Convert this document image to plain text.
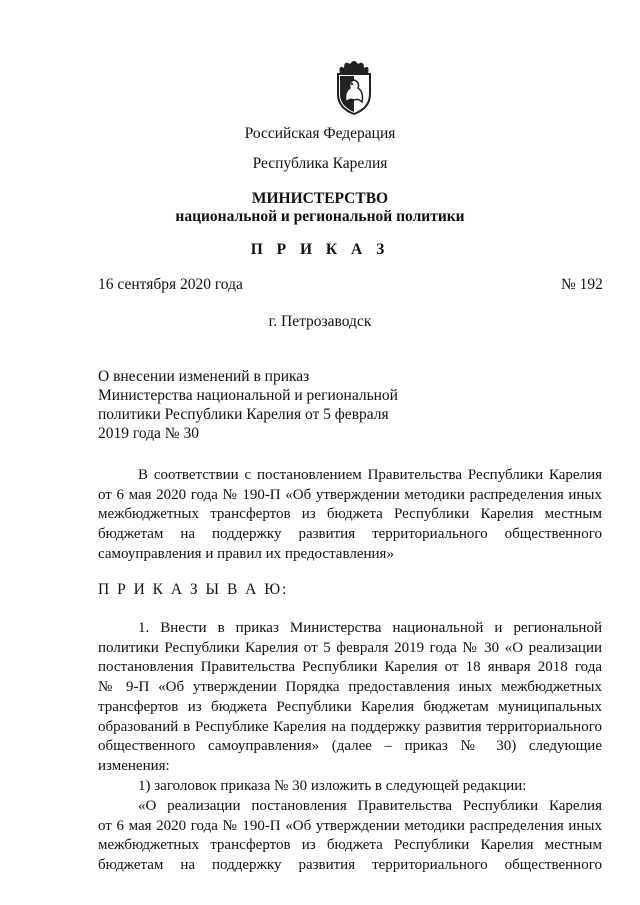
Российская Федерация
Республика Карелия
МИНИСТЕРСТВО
национальной и региональной политики
П Р И К А З
16 сентября 2020 года	№ 192
г. Петрозаводск
О внесении изменений в приказ
Министерства национальной и региональной
политики Республики Карелия от 5 февраля
2019 года № 30
В соответствии с постановлением Правительства Республики Карелия
от 6 мая 2020 года № 190-П «Об утверждении методики распределения иных
межбюджетных трансфертов из бюджета Республики Карелия местным
бюджетам на поддержку развития территориального общественного
самоуправления и правил их предоставления»
П Р И К А З Ы В А Ю:
1. Внести в приказ Министерства национальной и региональной
политики Республики Карелия от 5 февраля 2019 года № 30 «О реализации
постановления Правительства Республики Карелия от 18 января 2018 года
№ 9-П «Об утверждении Порядка предоставления иных межбюджетных
трансфертов из бюджета Республики Карелия бюджетам муниципальных
образований в Республике Карелия на поддержку развития территориального
общественного самоуправления» (далее – приказ № 30) следующие
изменения:
1) заголовок приказа № 30 изложить в следующей редакции:
«О реализации постановления Правительства Республики Карелия
от 6 мая 2020 года № 190-П «Об утверждении методики распределения иных
межбюджетных трансфертов из бюджета Республики Карелия местным
бюджетам на поддержку развития территориального общественного
